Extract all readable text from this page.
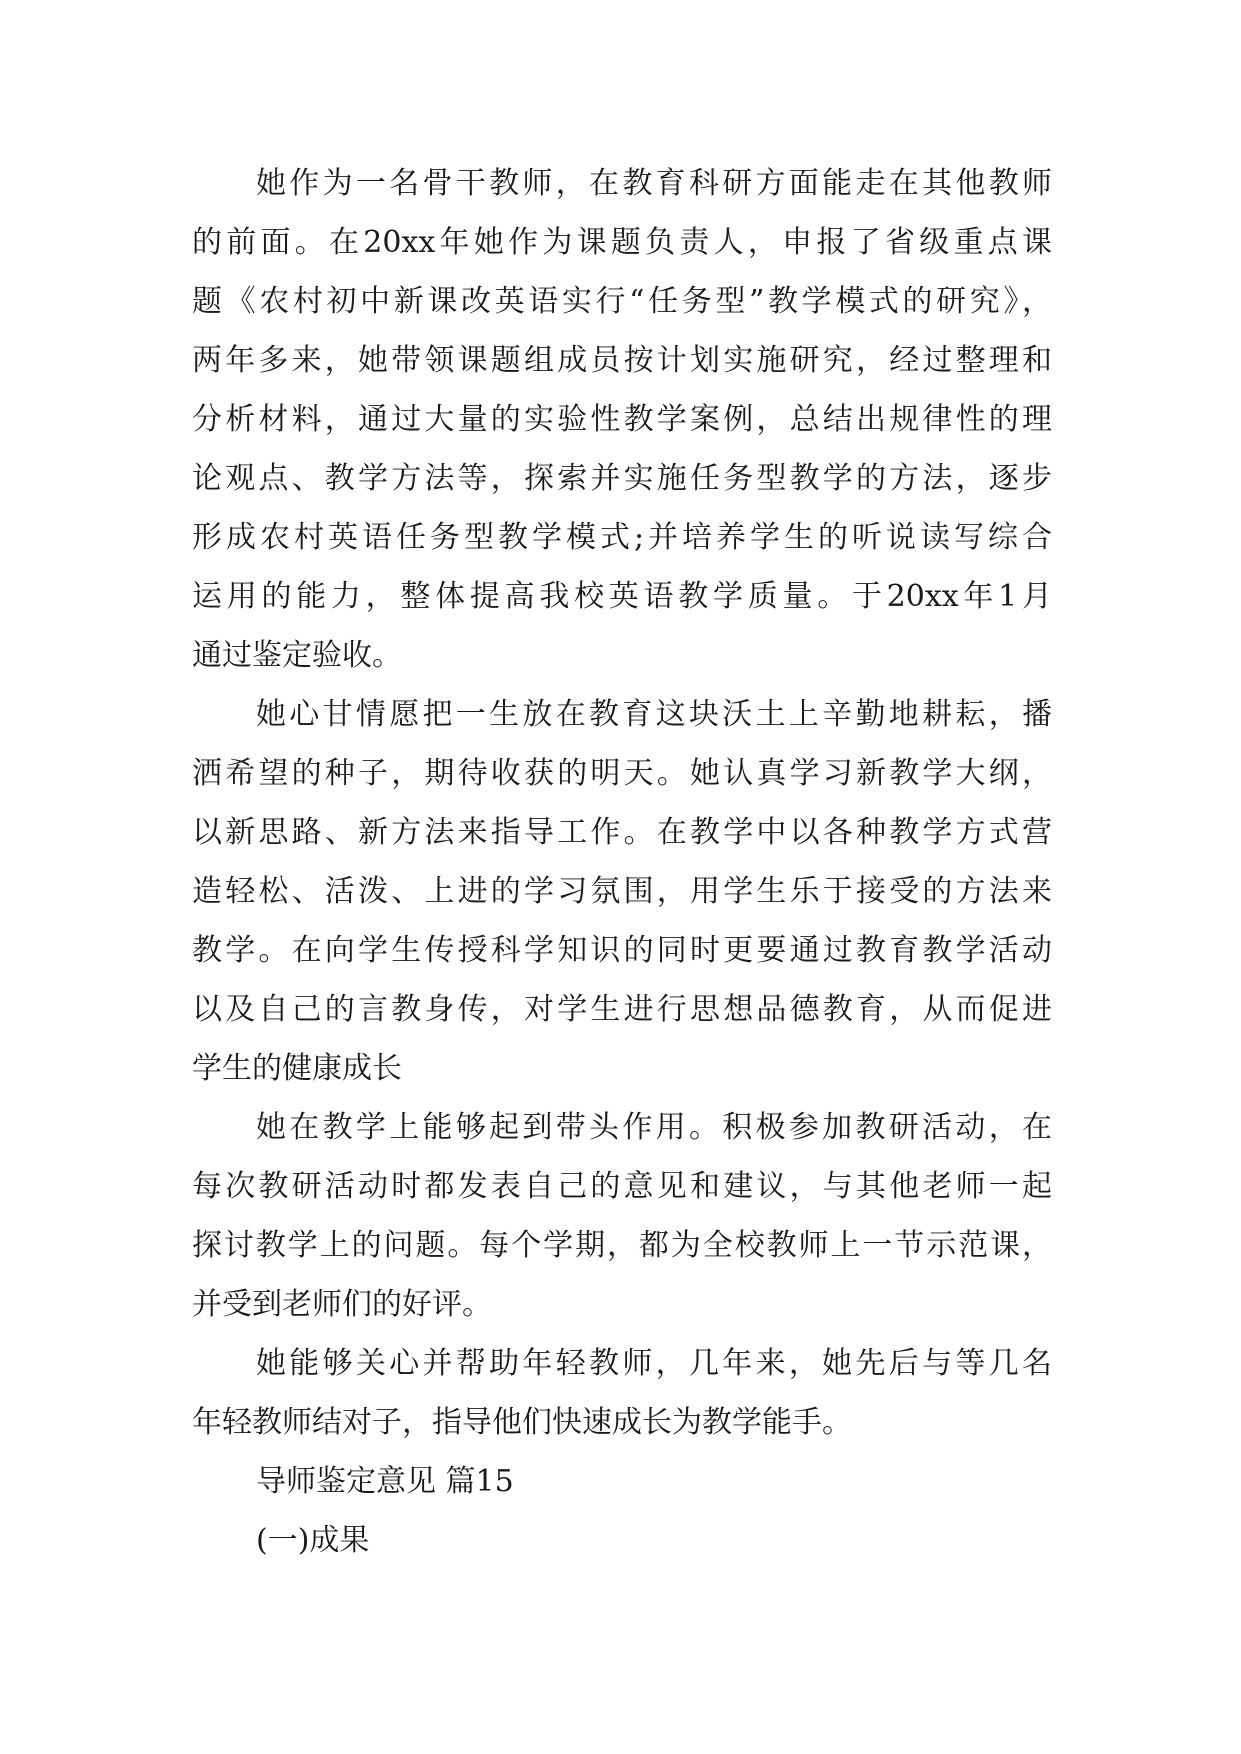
她作为一名骨干教师，在教育科研方面能走在其他教师
的前面。在20xx年她作为课题负责人，申报了省级重点课
题《农村初中新课改英语实行“任务型”教学模式的研究》，
两年多来，她带领课题组成员按计划实施研究，经过整理和
分析材料，通过大量的实验性教学案例，总结出规律性的理
论观点、教学方法等，探索并实施任务型教学的方法，逐步
形成农村英语任务型教学模式;并培养学生的听说读写综合
运用的能力，整体提高我校英语教学质量。于20xx年1月
通过鉴定验收。
她心甘情愿把一生放在教育这块沃土上辛勤地耕耘，播
洒希望的种子，期待收获的明天。她认真学习新教学大纲，
以新思路、新方法来指导工作。在教学中以各种教学方式营
造轻松、活泼、上进的学习氛围，用学生乐于接受的方法来
教学。在向学生传授科学知识的同时更要通过教育教学活动
以及自己的言教身传，对学生进行思想品德教育，从而促进
学生的健康成长
她在教学上能够起到带头作用。积极参加教研活动，在
每次教研活动时都发表自己的意见和建议，与其他老师一起
探讨教学上的问题。每个学期，都为全校教师上一节示范课，
并受到老师们的好评。
她能够关心并帮助年轻教师，几年来，她先后与等几名
年轻教师结对子，指导他们快速成长为教学能手。
导师鉴定意见 篇15
(一)成果
